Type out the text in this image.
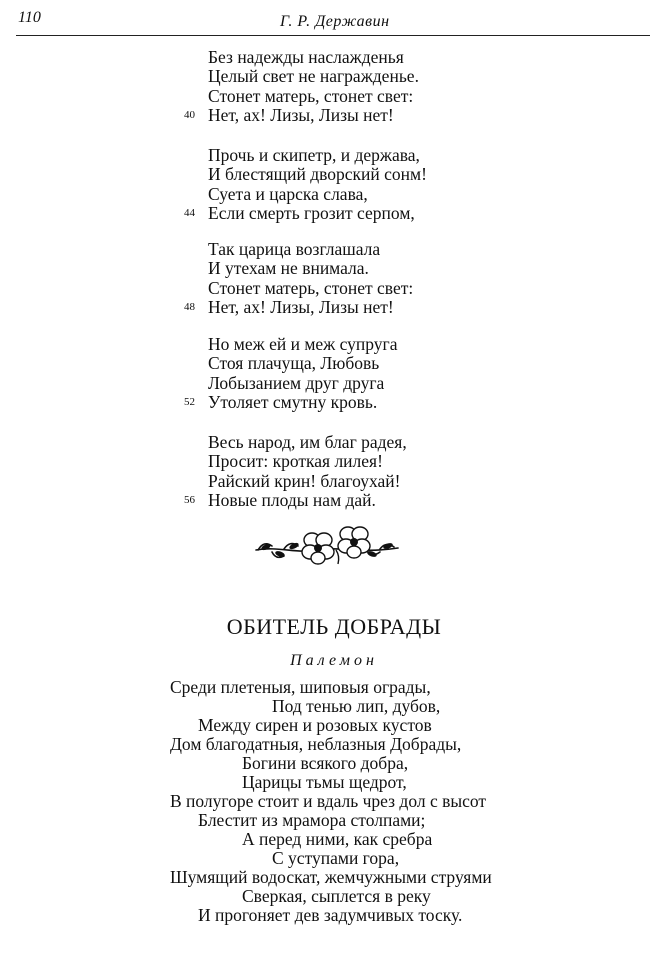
110	Г. Р. Державин
Без надежды наслажденья
Целый свет не награжденье.
Стонет матерь, стонет свет:
40 Нет, ах! Лизы, Лизы нет!
Прочь и скипетр, и держава,
И блестящий дворский сонм!
Суета и царска слава,
44 Если смерть грозит серпом,
Так царица возглашала
И утехам не внимала.
Стонет матерь, стонет свет:
48 Нет, ах! Лизы, Лизы нет!
Но меж ей и меж супруга
Стоя плачуща, Любовь
Лобызанием друг друга
52 Утоляет смутну кровь.
Весь народ, им благ радея,
Просит: кроткая лилея!
Райский крин! благоухай!
56 Новые плоды нам дай.
ОБИТЕЛЬ ДОБРАДЫ
Палемон
Среди плетеныя, шиповыя ограды,
Под тенью лип, дубов,
Между сирен и розовых кустов
Дом благодатныя, неблазныя Добрады,
Богини всякого добра,
Царицы тьмы щедрот,
В полугоре стоит и вдаль чрез дол с высот
Блестит из мрамора столпами;
А перед ними, как сребра
С уступами гора,
Шумящий водоскат, жемчужными струями
Сверкая, сыплется в реку
И прогоняет дев задумчивых тоску.
